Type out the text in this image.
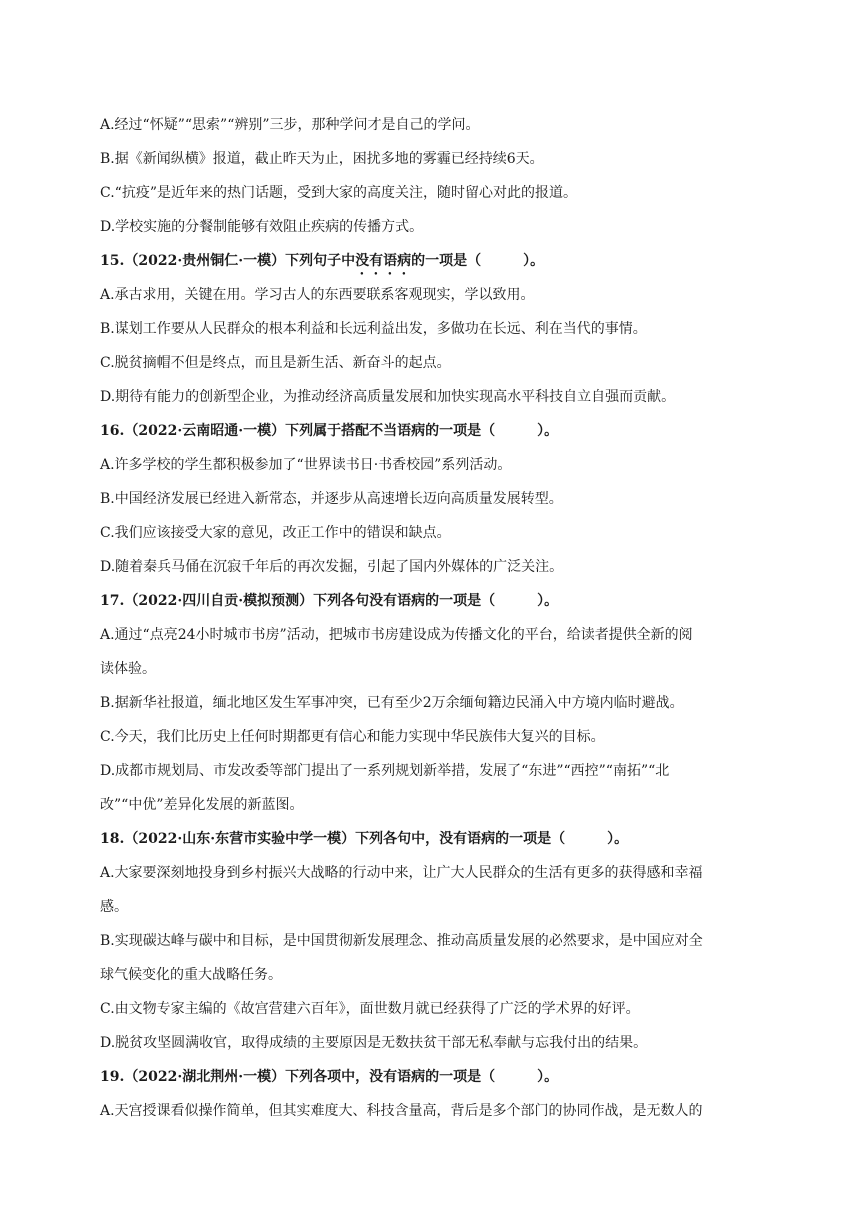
A.经过“怀疑”“思索”“辨别”三步，那种学问才是自己的学问。
B.据《新闻纵横》报道，截止昨天为止，困扰多地的雾霾已经持续6天。
C.“抗疫”是近年来的热门话题，受到大家的高度关注，随时留心对此的报道。
D.学校实施的分餐制能够有效阻止疾病的传播方式。
15.（2022·贵州铜仁·一模）下列句子中没有语病的一项是（　　　）。
A.承古求用，关键在用。学习古人的东西要联系客观现实，学以致用。
B.谋划工作要从人民群众的根本利益和长远利益出发，多做功在长远、利在当代的事情。
C.脱贫摘帽不但是终点，而且是新生活、新奋斗的起点。
D.期待有能力的创新型企业，为推动经济高质量发展和加快实现高水平科技自立自强而贡献。
16.（2022·云南昭通·一模）下列属于搭配不当语病的一项是（　　　）。
A.许多学校的学生都积极参加了“世界读书日·书香校园”系列活动。
B.中国经济发展已经进入新常态，并逐步从高速增长迈向高质量发展转型。
C.我们应该接受大家的意见，改正工作中的错误和缺点。
D.随着秦兵马俑在沉寂千年后的再次发掘，引起了国内外媒体的广泛关注。
17.（2022·四川自贡·模拟预测）下列各句没有语病的一项是（　　　）。
A.通过“点亮24小时城市书房”活动，把城市书房建设成为传播文化的平台，给读者提供全新的阅
读体验。
B.据新华社报道，缅北地区发生军事冲突，已有至少2万余缅甸籍边民涌入中方境内临时避战。
C.今天，我们比历史上任何时期都更有信心和能力实现中华民族伟大复兴的目标。
D.成都市规划局、市发改委等部门提出了一系列规划新举措，发展了“东进”“西控”“南拓”“北
改”“中优”差异化发展的新蓝图。
18.（2022·山东·东营市实验中学一模）下列各句中，没有语病的一项是（　　　）。
A.大家要深刻地投身到乡村振兴大战略的行动中来，让广大人民群众的生活有更多的获得感和幸福
感。
B.实现碳达峰与碳中和目标，是中国贯彻新发展理念、推动高质量发展的必然要求，是中国应对全
球气候变化的重大战略任务。
C.由文物专家主编的《故宫营建六百年》，面世数月就已经获得了广泛的学术界的好评。
D.脱贫攻坚圆满收官，取得成绩的主要原因是无数扶贫干部无私奉献与忘我付出的结果。
19.（2022·湖北荆州·一模）下列各项中，没有语病的一项是（　　　）。
A.天宫授课看似操作简单，但其实难度大、科技含量高，背后是多个部门的协同作战，是无数人的
